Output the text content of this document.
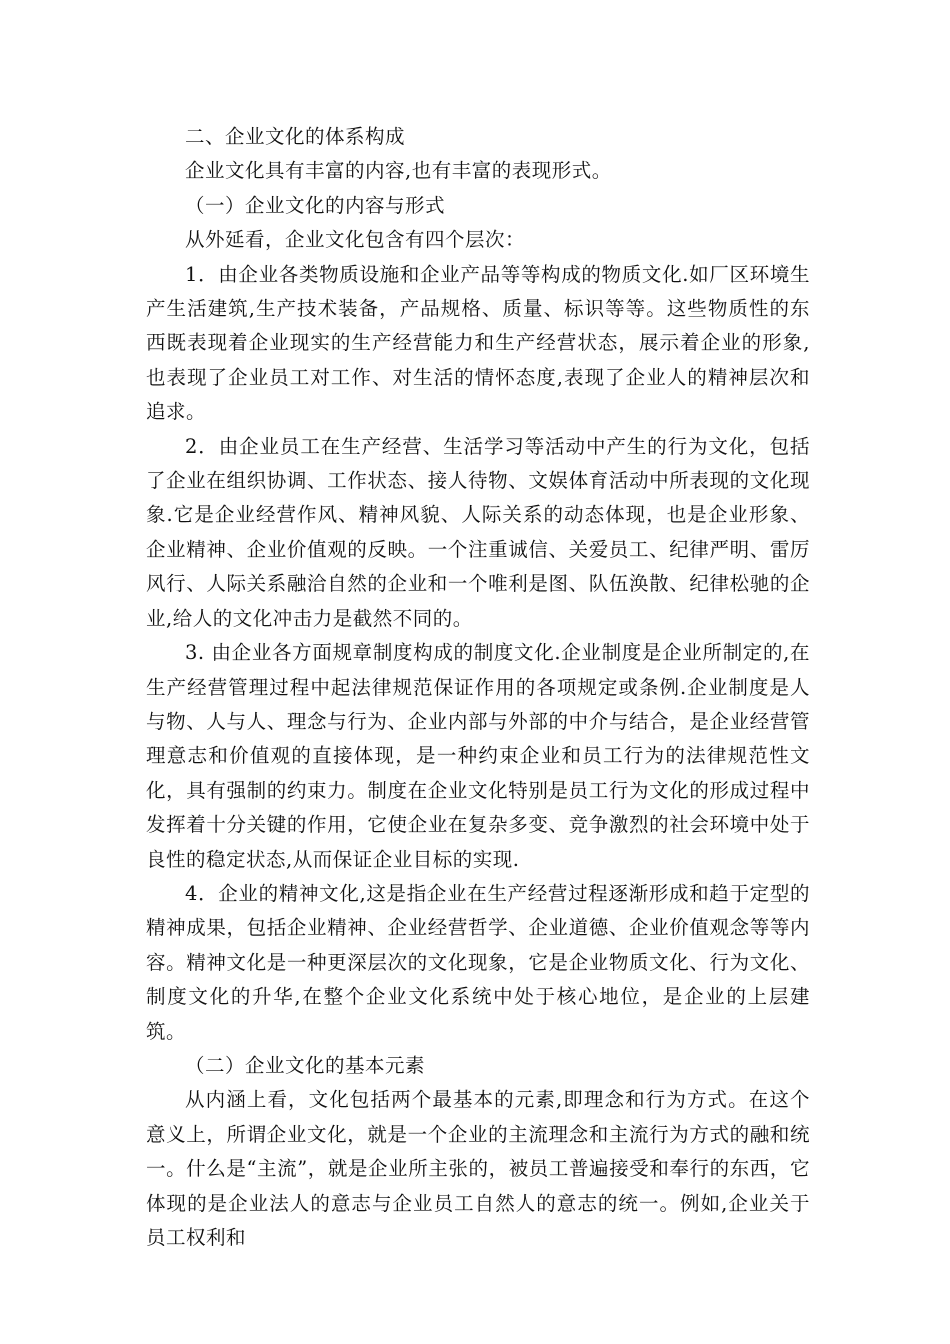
二、企业文化的体系构成

企业文化具有丰富的内容,也有丰富的表现形式。

（一）企业文化的内容与形式

从外延看，企业文化包含有四个层次：

1．由企业各类物质设施和企业产品等等构成的物质文化.如厂区环境生产生活建筑,生产技术装备，产品规格、质量、标识等等。这些物质性的东西既表现着企业现实的生产经营能力和生产经营状态，展示着企业的形象,也表现了企业员工对工作、对生活的情怀态度,表现了企业人的精神层次和追求。

2．由企业员工在生产经营、生活学习等活动中产生的行为文化，包括了企业在组织协调、工作状态、接人待物、文娱体育活动中所表现的文化现象.它是企业经营作风、精神风貌、人际关系的动态体现，也是企业形象、企业精神、企业价值观的反映。一个注重诚信、关爱员工、纪律严明、雷厉风行、人际关系融洽自然的企业和一个唯利是图、队伍涣散、纪律松驰的企业,给人的文化冲击力是截然不同的。

3. 由企业各方面规章制度构成的制度文化.企业制度是企业所制定的,在生产经营管理过程中起法律规范保证作用的各项规定或条例.企业制度是人与物、人与人、理念与行为、企业内部与外部的中介与结合，是企业经营管理意志和价值观的直接体现，是一种约束企业和员工行为的法律规范性文化，具有强制的约束力。制度在企业文化特别是员工行为文化的形成过程中发挥着十分关键的作用，它使企业在复杂多变、竞争激烈的社会环境中处于良性的稳定状态,从而保证企业目标的实现.

4．企业的精神文化,这是指企业在生产经营过程逐渐形成和趋于定型的精神成果，包括企业精神、企业经营哲学、企业道德、企业价值观念等等内容。精神文化是一种更深层次的文化现象，它是企业物质文化、行为文化、制度文化的升华,在整个企业文化系统中处于核心地位，是企业的上层建筑。

（二）企业文化的基本元素

从内涵上看，文化包括两个最基本的元素,即理念和行为方式。在这个意义上，所谓企业文化，就是一个企业的主流理念和主流行为方式的融和统一。什么是“主流”，就是企业所主张的，被员工普遍接受和奉行的东西，它体现的是企业法人的意志与企业员工自然人的意志的统一。例如,企业关于员工权利和
